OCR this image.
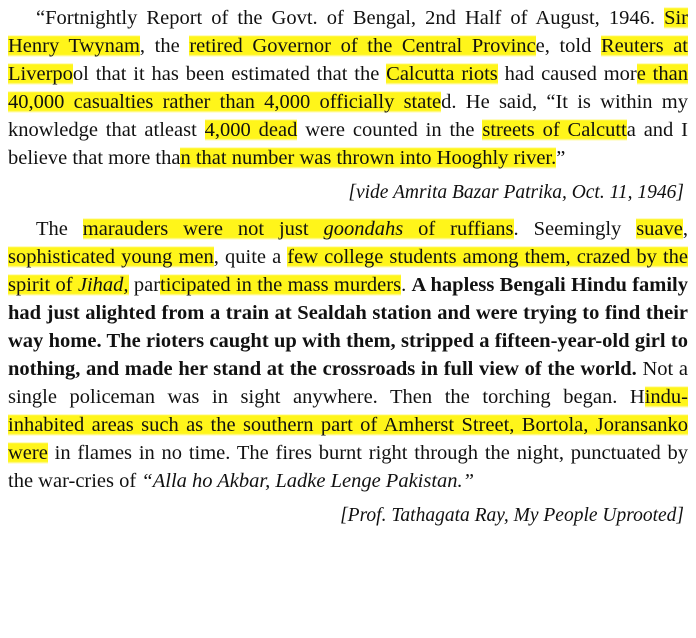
“Fortnightly Report of the Govt. of Bengal, 2nd Half of August, 1946. Sir Henry Twynam, the retired Governor of the Central Province, told Reuters at Liverpool that it has been estimated that the Calcutta riots had caused more than 40,000 casualties rather than 4,000 officially stated. He said, “It is within my knowledge that atleast 4,000 dead were counted in the streets of Calcutta and I believe that more than that number was thrown into Hooghly river.”

[vide Amrita Bazar Patrika, Oct. 11, 1946]

The marauders were not just goondahs of ruffians. Seemingly suave, sophisticated young men, quite a few college students among them, crazed by the spirit of Jihad, participated in the mass murders. A hapless Bengali Hindu family had just alighted from a train at Sealdah station and were trying to find their way home. The rioters caught up with them, stripped a fifteen-year-old girl to nothing, and made her stand at the crossroads in full view of the world. Not a single policeman was in sight anywhere. Then the torching began. Hindu-inhabited areas such as the southern part of Amherst Street, Bortola, Joransanko were in flames in no time. The fires burnt right through the night, punctuated by the war-cries of “Alla ho Akbar, Ladke Lenge Pakistan.”

[Prof. Tathagata Ray, My People Uprooted]
